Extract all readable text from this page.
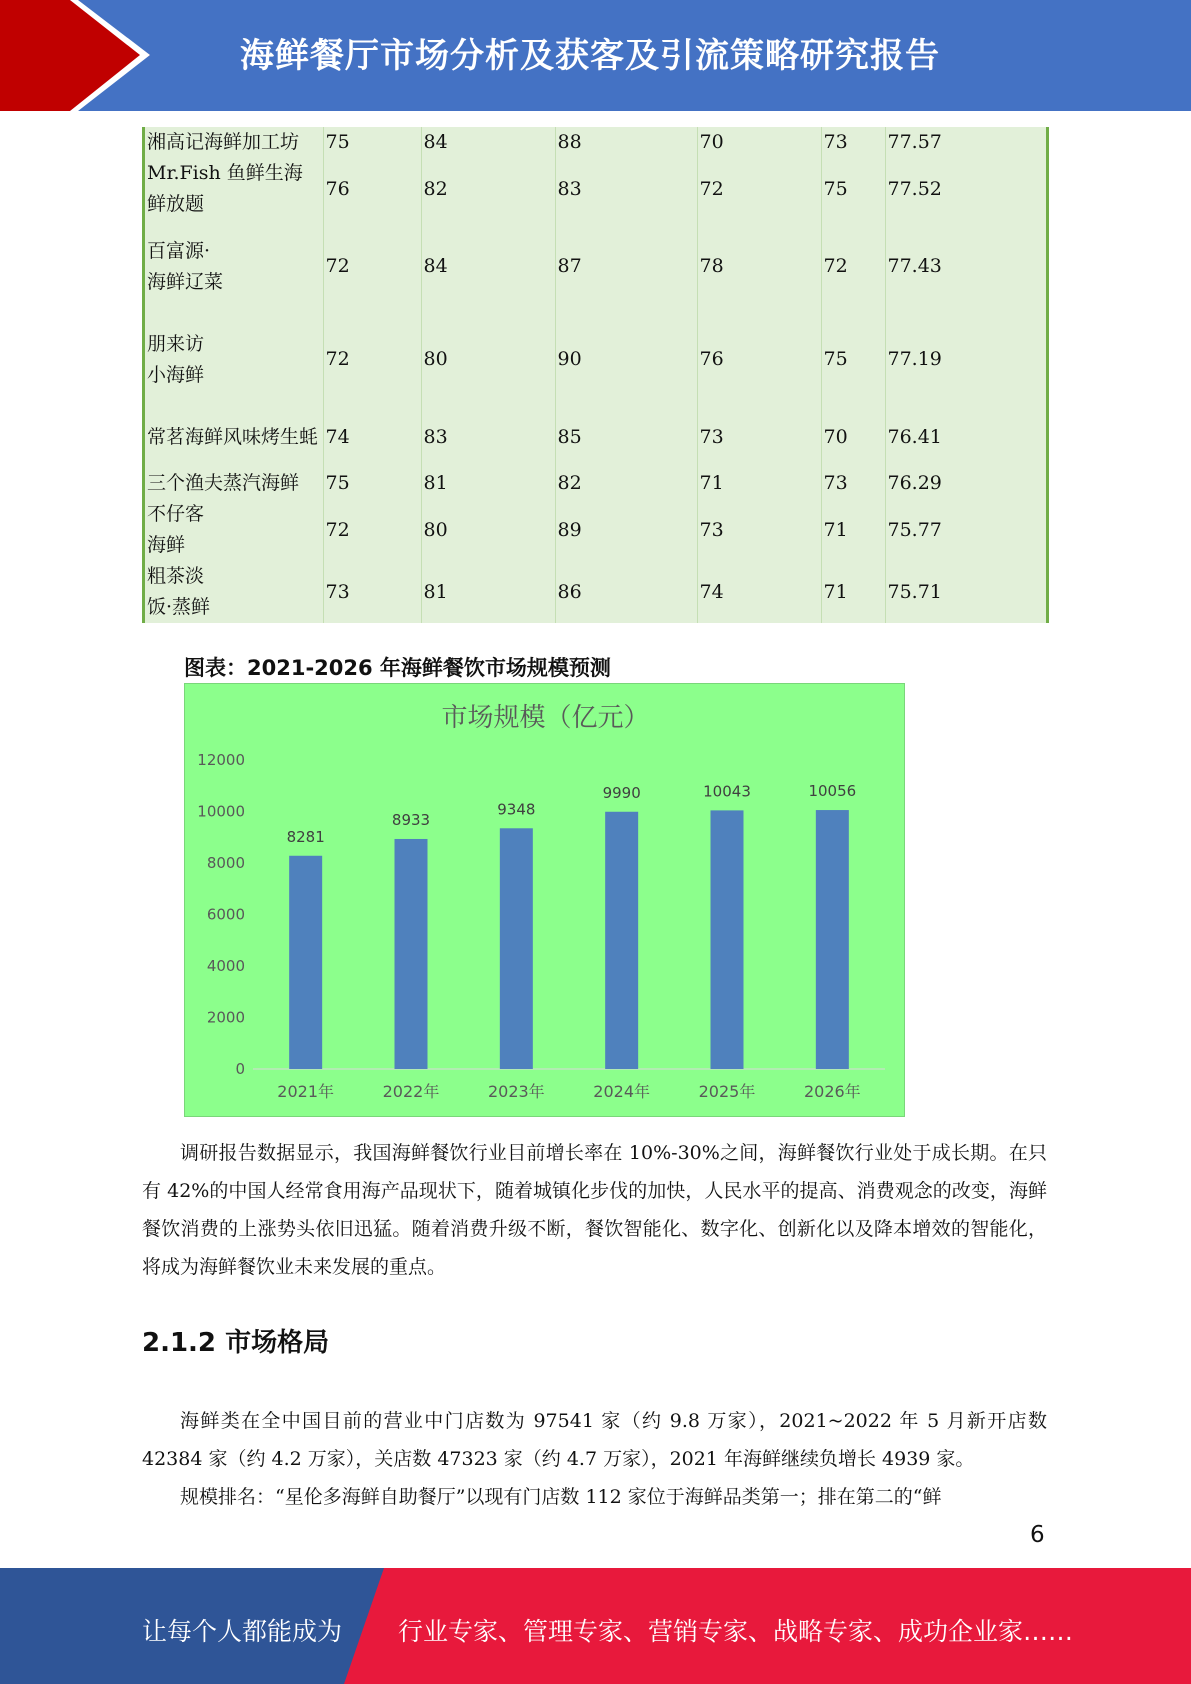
海鲜餐厅市场分析及获客及引流策略研究报告
湘高记海鲜加工坊	75	84	88	70	73	77.57
Mr.Fish 鱼鲜生海鲜放题	76	82	83	72	75	77.52
百富源·
海鲜辽菜	72	84	87	78	72	77.43
朋来访
小海鲜	72	80	90	76	75	77.19
常茗海鲜风味烤生蚝	74	83	85	73	70	76.41
三个渔夫蒸汽海鲜	75	81	82	71	73	76.29
不仔客
海鲜	72	80	89	73	71	75.77
粗茶淡
饭·蒸鲜	73	81	86	74	71	75.71
图表：2021-2026 年海鲜餐饮市场规模预测
市场规模（亿元）
0
2000
4000
6000
8000
10000
12000
8281
2021年
8933
2022年
9348
2023年
9990
2024年
10043
2025年
10056
2026年
调研报告数据显示，我国海鲜餐饮行业目前增长率在 10%-30%之间，海鲜餐饮行业处于成长期。在只有 42%的中国人经常食用海产品现状下，随着城镇化步伐的加快，人民水平的提高、消费观念的改变，海鲜餐饮消费的上涨势头依旧迅猛。随着消费升级不断，餐饮智能化、数字化、创新化以及降本增效的智能化，将成为海鲜餐饮业未来发展的重点。
2.1.2 市场格局
海鲜类在全中国目前的营业中门店数为 97541 家（约 9.8 万家），2021~2022 年 5 月新开店数 42384 家（约 4.2 万家），关店数 47323 家（约 4.7 万家），2021 年海鲜继续负增长 4939 家。
规模排名：“星伦多海鲜自助餐厅”以现有门店数 112 家位于海鲜品类第一；排在第二的“鲜
6
让每个人都能成为 行业专家、管理专家、营销专家、战略专家、成功企业家……
